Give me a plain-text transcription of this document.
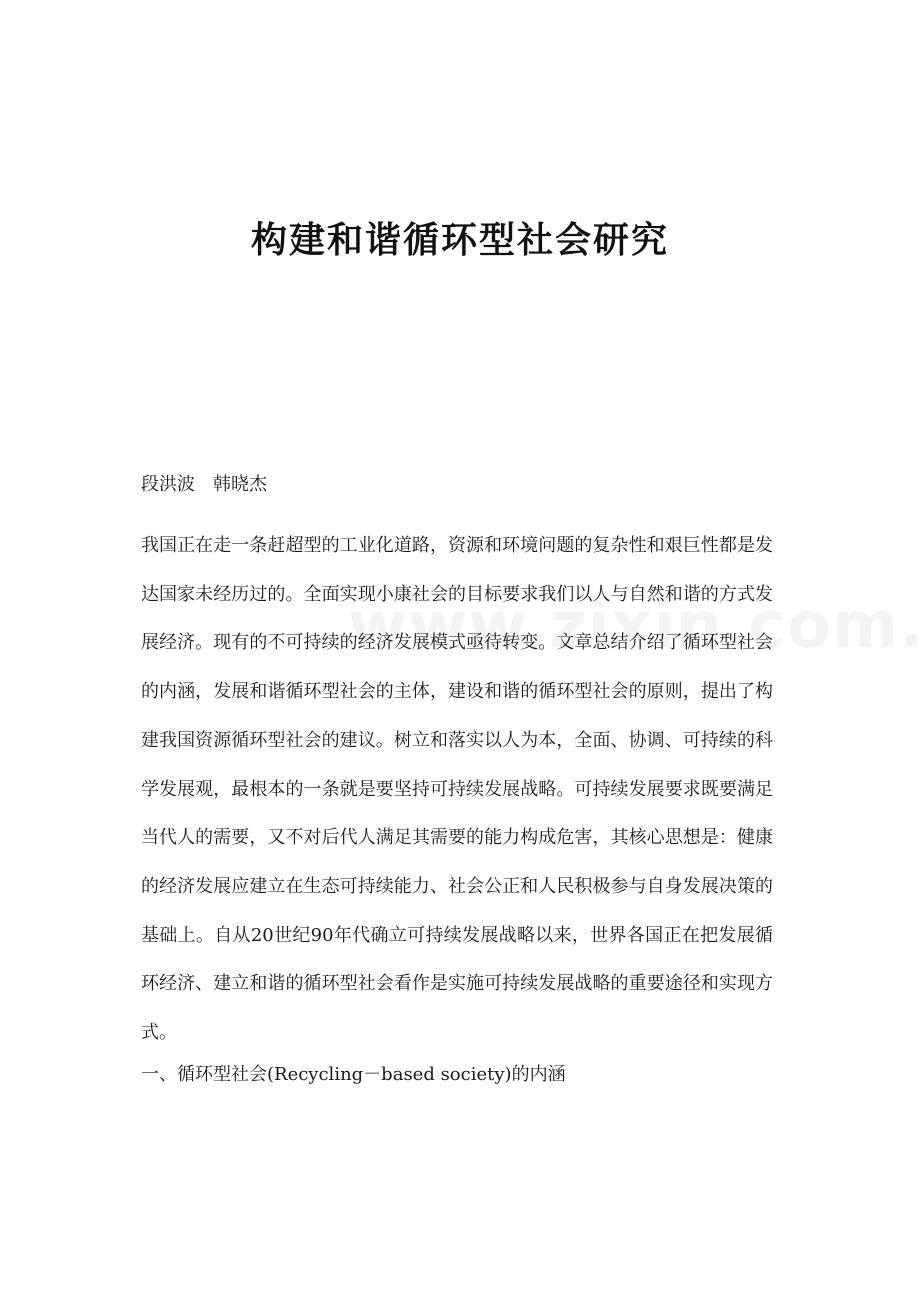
构建和谐循环型社会研究
段洪波　韩晓杰

我国正在走一条赶超型的工业化道路，资源和环境问题的复杂性和艰巨性都是发达国家未经历过的。全面实现小康社会的目标要求我们以人与自然和谐的方式发展经济。现有的不可持续的经济发展模式亟待转变。文章总结介绍了循环型社会的内涵，发展和谐循环型社会的主体，建设和谐的循环型社会的原则，提出了构建我国资源循环型社会的建议。树立和落实以人为本，全面、协调、可持续的科学发展观，最根本的一条就是要坚持可持续发展战略。可持续发展要求既要满足当代人的需要，又不对后代人满足其需要的能力构成危害，其核心思想是：健康的经济发展应建立在生态可持续能力、社会公正和人民积极参与自身发展决策的基础上。自从20世纪90年代确立可持续发展战略以来，世界各国正在把发展循环经济、建立和谐的循环型社会看作是实施可持续发展战略的重要途径和实现方式。

一、循环型社会(Recycling－based society)的内涵
